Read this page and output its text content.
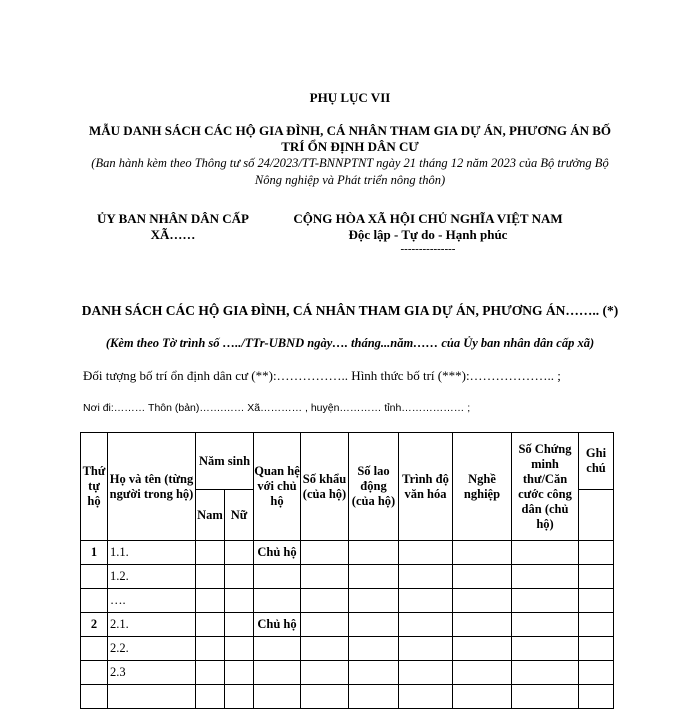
PHỤ LỤC VII
MẪU DANH SÁCH CÁC HỘ GIA ĐÌNH, CÁ NHÂN THAM GIA DỰ ÁN, PHƯƠNG ÁN BỐ TRÍ ỔN ĐỊNH DÂN CƯ
(Ban hành kèm theo Thông tư số 24/2023/TT-BNNPTNT ngày 21 tháng 12 năm 2023 của Bộ trưởng Bộ Nông nghiệp và Phát triển nông thôn)
ỦY BAN NHÂN DÂN CẤP
XÃ……
CỘNG HÒA XÃ HỘI CHỦ NGHĨA VIỆT NAM
Độc lập - Tự do - Hạnh phúc
---------------
DANH SÁCH CÁC HỘ GIA ĐÌNH, CÁ NHÂN THAM GIA DỰ ÁN, PHƯƠNG ÁN…….. (*)
(Kèm theo Tờ trình số …../TTr-UBND ngày…. tháng...năm…… của Ủy ban nhân dân cấp xã)
Đối tượng bố trí ổn định dân cư (**):…………….. Hình thức bố trí (***):……………….. ;
Nơi đi:……… Thôn (bản)…….…… Xã………… , huyện………… tỉnh……………… ;
Thứ tự hộ	Họ và tên (từng người trong hộ)	Năm sinh		Quan hệ với chủ hộ	Số khẩu (của hộ)	Số lao động (của hộ)	Trình độ văn hóa	Nghề nghiệp	Số Chứng minh thư/Căn cước công dân (chủ hộ)	Ghi chú
		Nam	Nữ							
1	1.1.			Chủ hộ						
	1.2.									
	….									
2	2.1.			Chủ hộ						
	2.2.									
	2.3									
